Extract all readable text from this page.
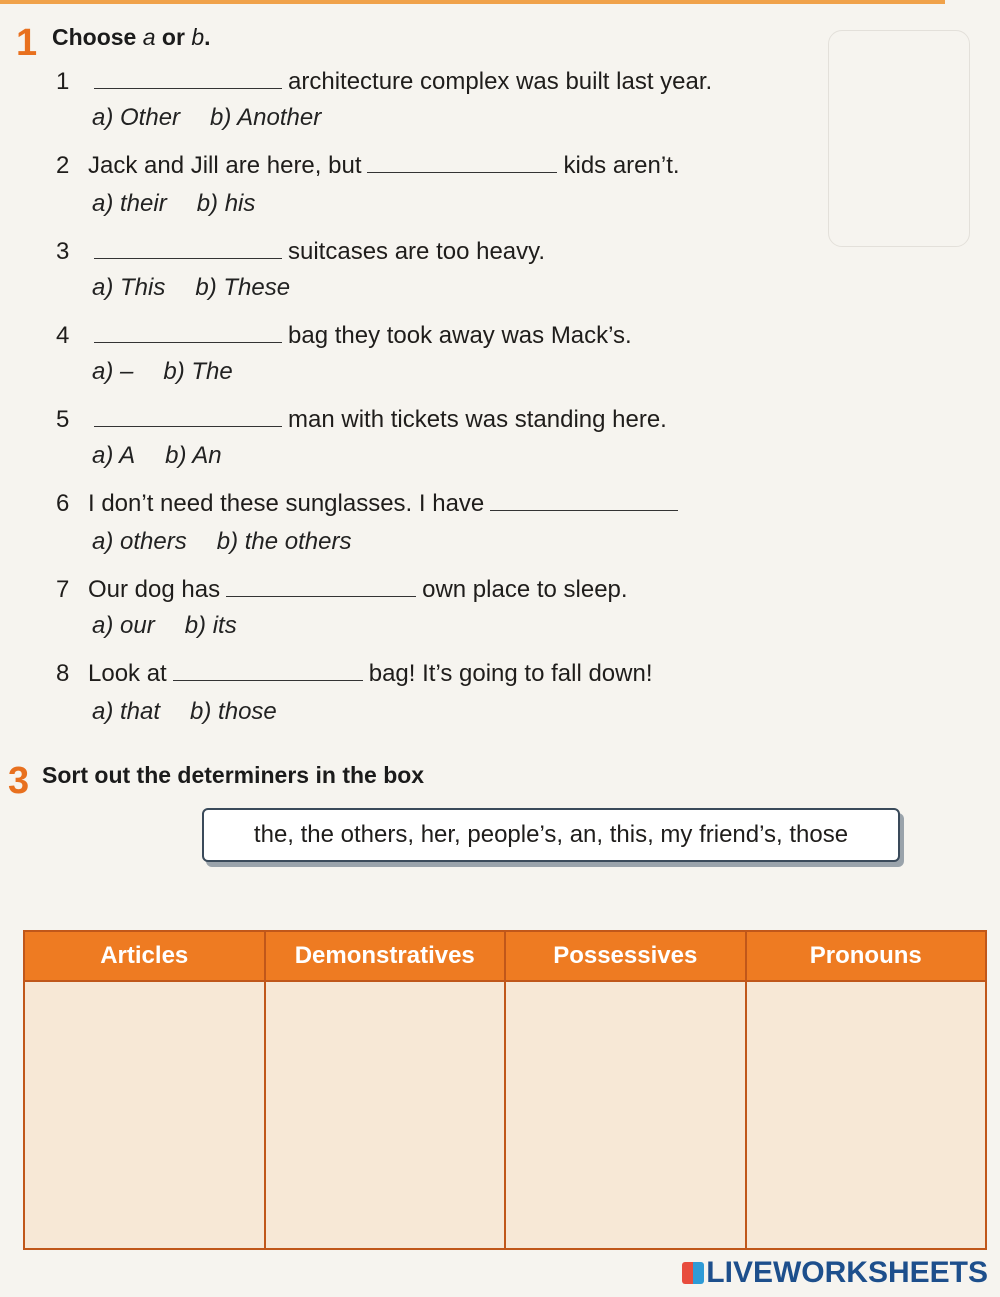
1 Choose a or b.
1	architecture complex was built last year.
a) Other b) Another
2 Jack and Jill are here, but	kids aren’t.
a) their b) his
3	suitcases are too heavy.
a) This b) These
4	bag they took away was Mack’s.
a) – b) The
5	man with tickets was standing here.
a) A b) An
6 I don’t need these sunglasses. I have
a) others b) the others
7 Our dog has	own place to sleep.
a) our b) its
8 Look at	bag! It’s going to fall down!
a) that b) those
3 Sort out the determiners in the box
the, the others, her, people’s, an, this, my friend’s, those
Articles	Demonstratives	Possessives	Pronouns

LIVEWORKSHEETS
